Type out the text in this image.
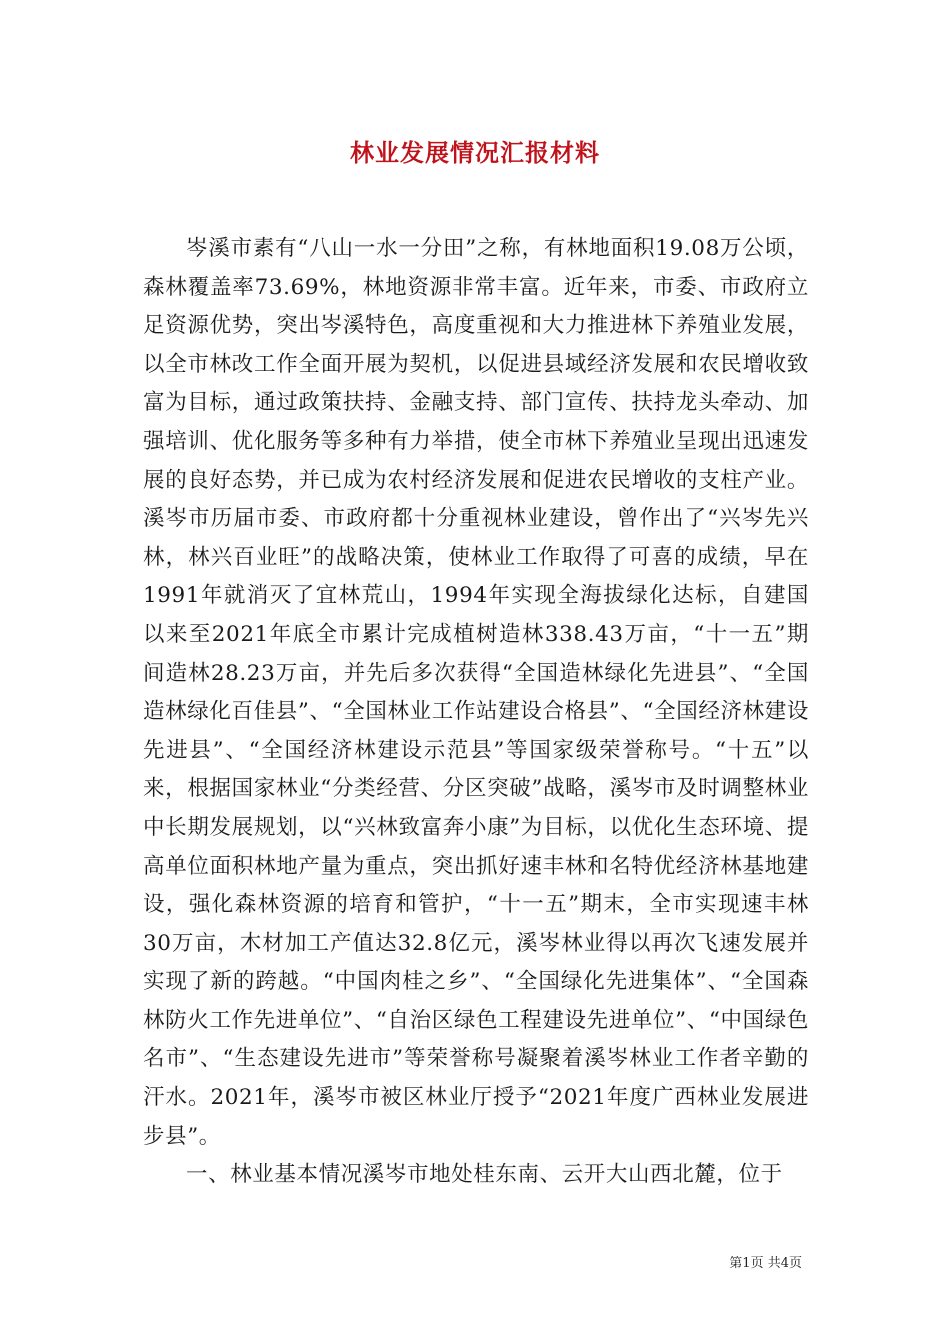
林业发展情况汇报材料

岑溪市素有“八山一水一分田”之称，有林地面积19.08万公顷，森林覆盖率73.69%，林地资源非常丰富。近年来，市委、市政府立足资源优势，突出岑溪特色，高度重视和大力推进林下养殖业发展，以全市林改工作全面开展为契机，以促进县域经济发展和农民增收致富为目标，通过政策扶持、金融支持、部门宣传、扶持龙头牵动、加强培训、优化服务等多种有力举措，使全市林下养殖业呈现出迅速发展的良好态势，并已成为农村经济发展和促进农民增收的支柱产业。溪岑市历届市委、市政府都十分重视林业建设，曾作出了“兴岑先兴林，林兴百业旺”的战略决策，使林业工作取得了可喜的成绩，早在1991年就消灭了宜林荒山，1994年实现全海拔绿化达标，自建国以来至2021年底全市累计完成植树造林338.43万亩，“十一五”期间造林28.23万亩，并先后多次获得“全国造林绿化先进县”、“全国造林绿化百佳县”、“全国林业工作站建设合格县”、“全国经济林建设先进县”、“全国经济林建设示范县”等国家级荣誉称号。“十五”以来，根据国家林业“分类经营、分区突破”战略，溪岑市及时调整林业中长期发展规划，以“兴林致富奔小康”为目标，以优化生态环境、提高单位面积林地产量为重点，突出抓好速丰林和名特优经济林基地建设，强化森林资源的培育和管护，“十一五”期末，全市实现速丰林30万亩，木材加工产值达32.8亿元，溪岑林业得以再次飞速发展并实现了新的跨越。“中国肉桂之乡”、“全国绿化先进集体”、“全国森林防火工作先进单位”、“自治区绿色工程建设先进单位”、“中国绿色名市”、“生态建设先进市”等荣誉称号凝聚着溪岑林业工作者辛勤的汗水。2021年，溪岑市被区林业厅授予“2021年度广西林业发展进步县”。

一、林业基本情况溪岑市地处桂东南、云开大山西北麓，位于

第1页 共4页
